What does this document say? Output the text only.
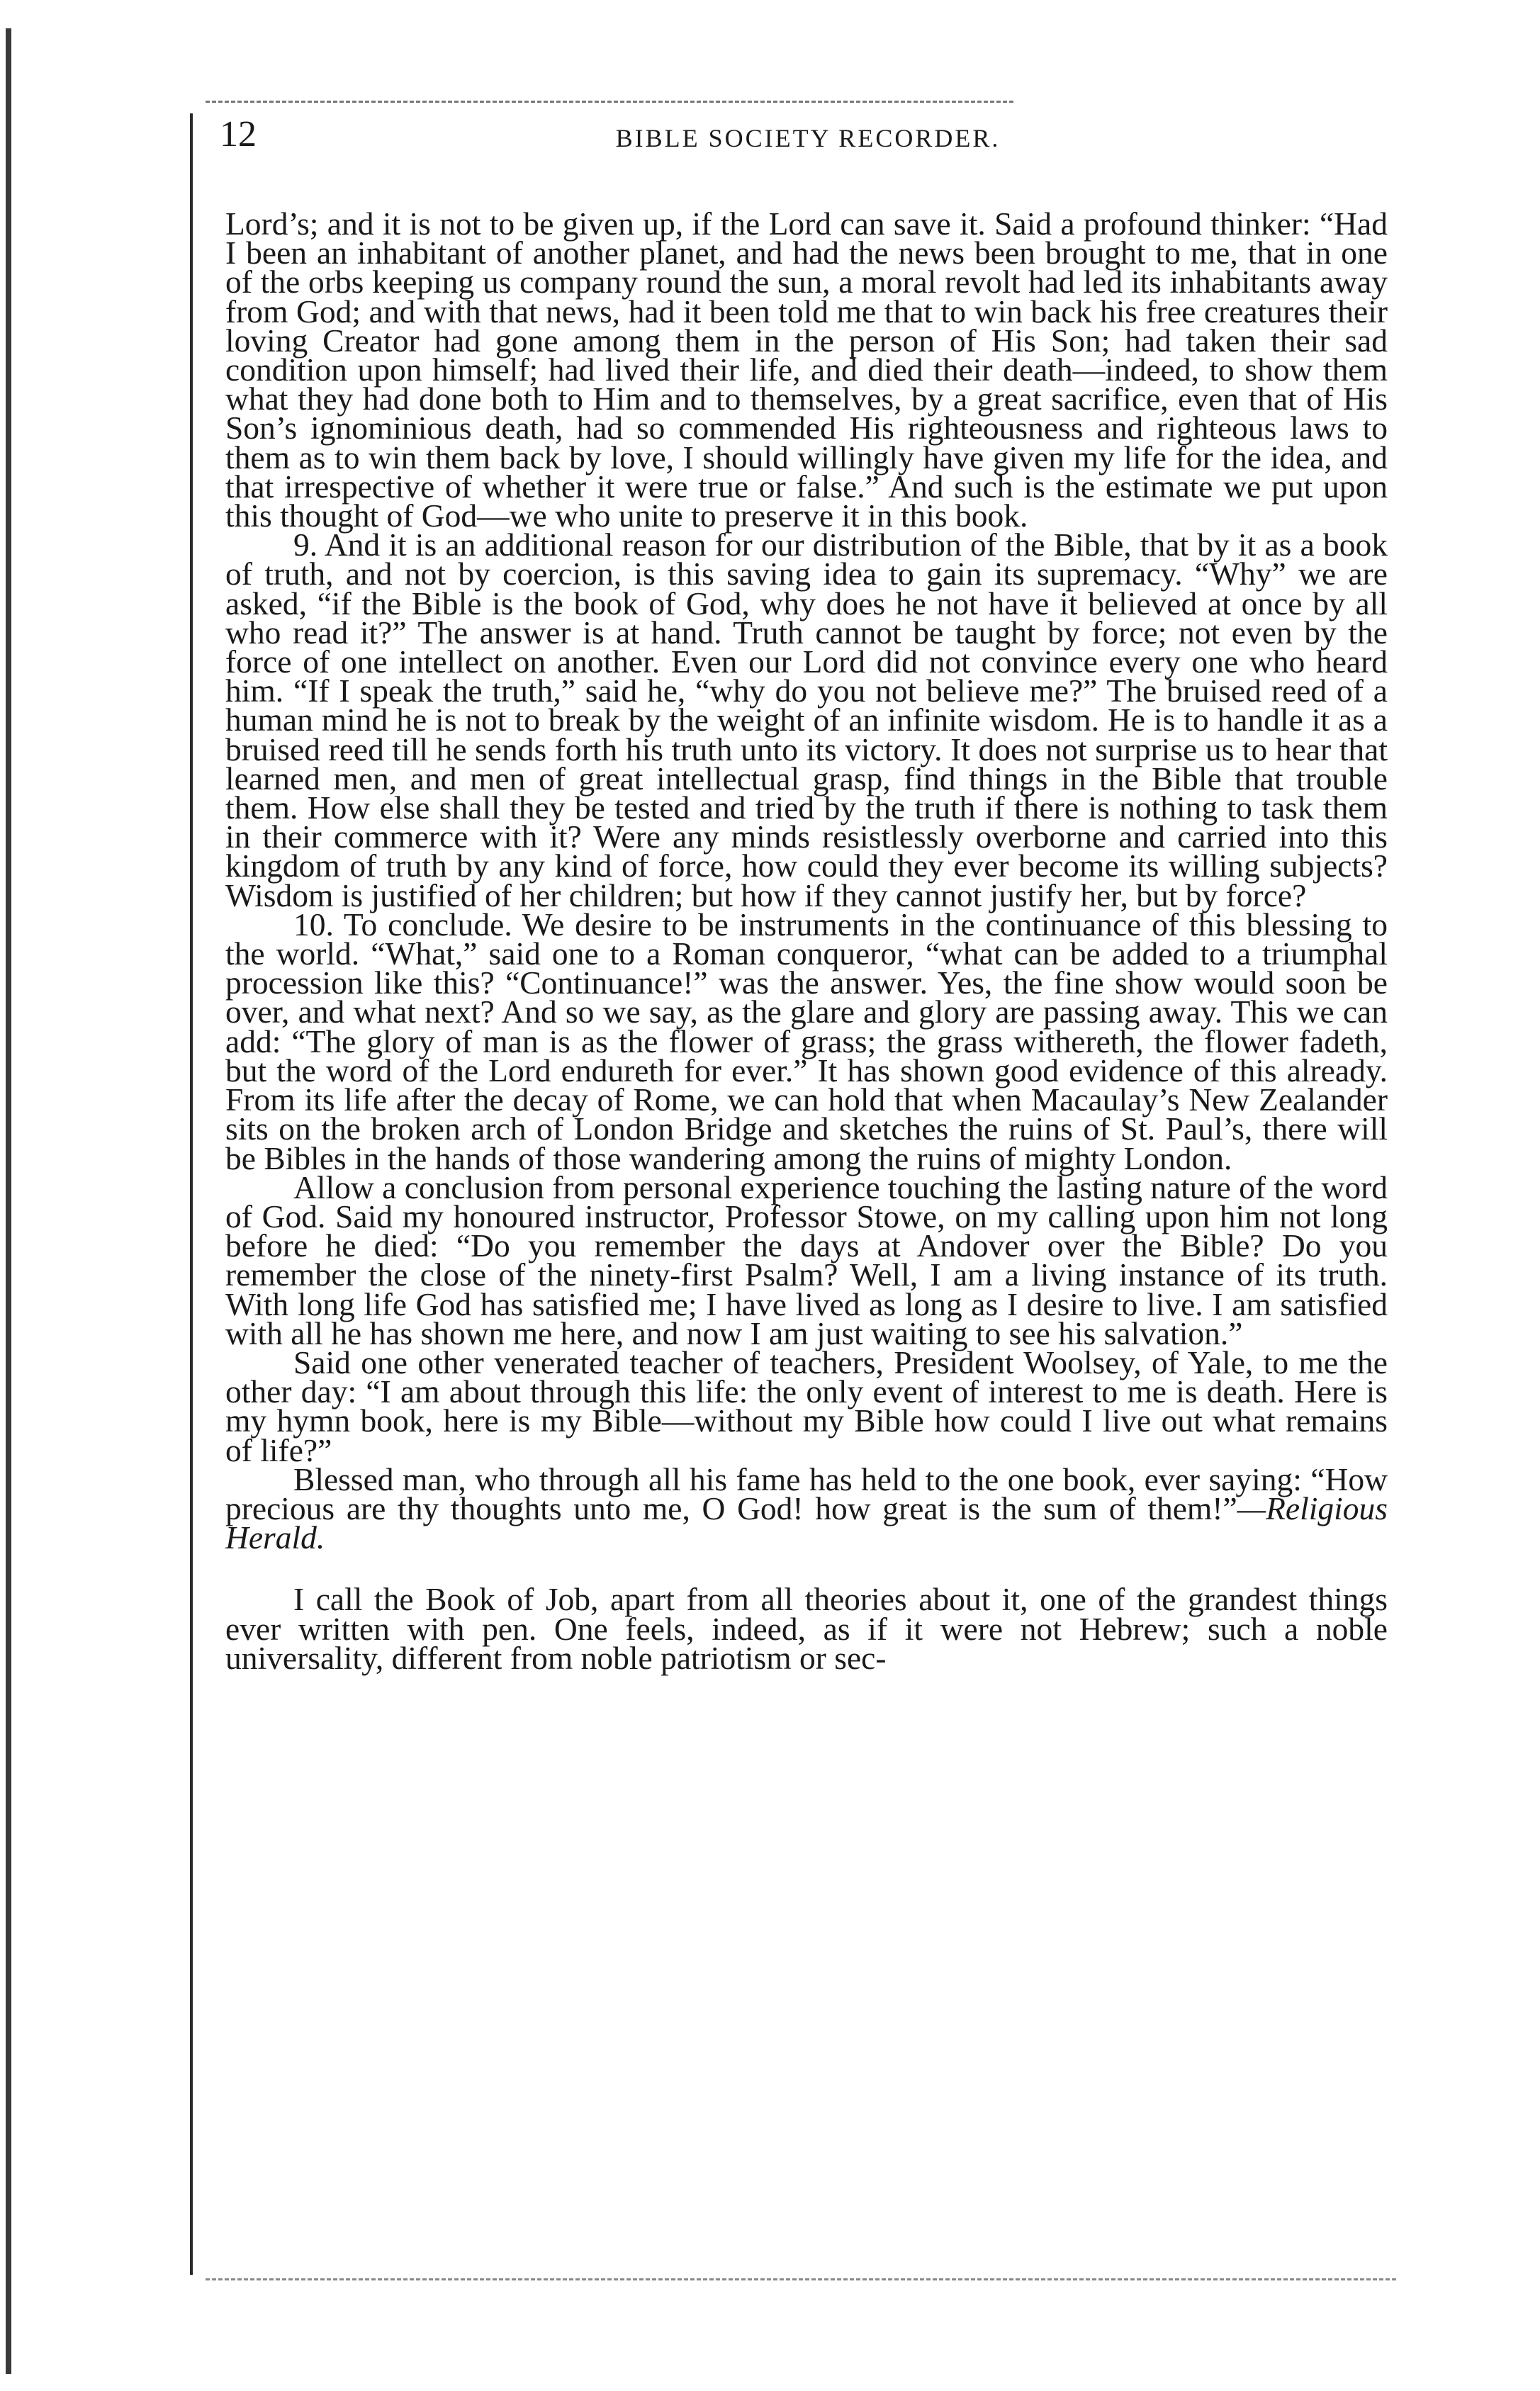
12	BIBLE SOCIETY RECORDER.

Lord’s; and it is not to be given up, if the Lord can save it. Said a profound thinker: “Had I been an inhabitant of another planet, and had the news been brought to me, that in one of the orbs keeping us company round the sun, a moral revolt had led its inhabitants away from God; and with that news, had it been told me that to win back his free creatures their loving Creator had gone among them in the person of His Son; had taken their sad condition upon himself; had lived their life, and died their death—indeed, to show them what they had done both to Him and to themselves, by a great sacrifice, even that of His Son’s ignominious death, had so commended His righteousness and righteous laws to them as to win them back by love, I should willingly have given my life for the idea, and that irrespective of whether it were true or false.” And such is the estimate we put upon this thought of God—we who unite to preserve it in this book.

9. And it is an additional reason for our distribution of the Bible, that by it as a book of truth, and not by coercion, is this saving idea to gain its supremacy. “Why” we are asked, “if the Bible is the book of God, why does he not have it believed at once by all who read it?” The answer is at hand. Truth cannot be taught by force; not even by the force of one intellect on another. Even our Lord did not convince every one who heard him. “If I speak the truth,” said he, “why do you not believe me?” The bruised reed of a human mind he is not to break by the weight of an infinite wisdom. He is to handle it as a bruised reed till he sends forth his truth unto its victory. It does not surprise us to hear that learned men, and men of great intellectual grasp, find things in the Bible that trouble them. How else shall they be tested and tried by the truth if there is nothing to task them in their commerce with it? Were any minds resistlessly overborne and carried into this kingdom of truth by any kind of force, how could they ever become its willing subjects? Wisdom is justified of her children; but how if they cannot justify her, but by force?

10. To conclude. We desire to be instruments in the continuance of this blessing to the world. “What,” said one to a Roman conqueror, “what can be added to a triumphal procession like this? “Continuance!” was the answer. Yes, the fine show would soon be over, and what next? And so we say, as the glare and glory are passing away. This we can add: “The glory of man is as the flower of grass; the grass withereth, the flower fadeth, but the word of the Lord endureth for ever.” It has shown good evidence of this already. From its life after the decay of Rome, we can hold that when Macaulay’s New Zealander sits on the broken arch of London Bridge and sketches the ruins of St. Paul’s, there will be Bibles in the hands of those wandering among the ruins of mighty London.

Allow a conclusion from personal experience touching the lasting nature of the word of God. Said my honoured instructor, Professor Stowe, on my calling upon him not long before he died: “Do you remember the days at Andover over the Bible? Do you remember the close of the ninety-first Psalm? Well, I am a living instance of its truth. With long life God has satisfied me; I have lived as long as I desire to live. I am satisfied with all he has shown me here, and now I am just waiting to see his salvation.”

Said one other venerated teacher of teachers, President Woolsey, of Yale, to me the other day: “I am about through this life: the only event of interest to me is death. Here is my hymn book, here is my Bible—without my Bible how could I live out what remains of life?”

Blessed man, who through all his fame has held to the one book, ever saying: “How precious are thy thoughts unto me, O God! how great is the sum of them!”—Religious Herald.

I call the Book of Job, apart from all theories about it, one of the grandest things ever written with pen. One feels, indeed, as if it were not Hebrew; such a noble universality, different from noble patriotism or sec-
